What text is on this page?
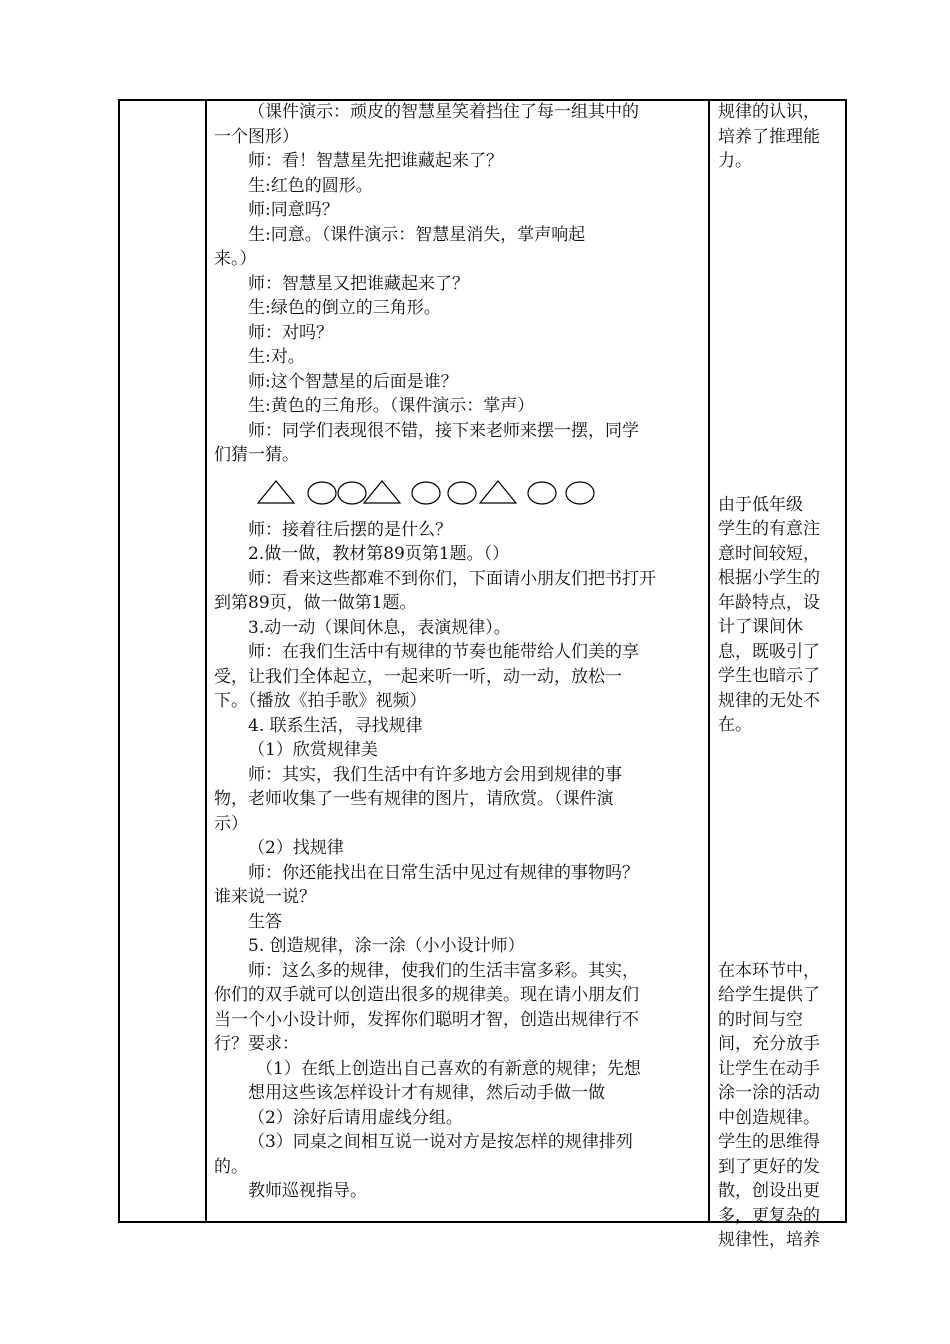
（课件演示：顽皮的智慧星笑着挡住了每一组其中的
一个图形）
师：看！智慧星先把谁藏起来了？
生:红色的圆形。
师:同意吗？
生:同意。（课件演示：智慧星消失，掌声响起
来。）
师：智慧星又把谁藏起来了？
生:绿色的倒立的三角形。
师：对吗？
生:对。
师:这个智慧星的后面是谁？
生:黄色的三角形。（课件演示：掌声）
师：同学们表现很不错，接下来老师来摆一摆，同学
们猜一猜。
师：接着往后摆的是什么？
2.做一做，教材第89页第1题。（）
师：看来这些都难不到你们，下面请小朋友们把书打开
到第89页，做一做第1题。
3.动一动（课间休息，表演规律）。
师：在我们生活中有规律的节奏也能带给人们美的享
受，让我们全体起立，一起来听一听，动一动，放松一
下。（播放《拍手歌》视频）
4. 联系生活，寻找规律
（1）欣赏规律美
师：其实，我们生活中有许多地方会用到规律的事
物，老师收集了一些有规律的图片，请欣赏。（课件演
示）
（2）找规律
师：你还能找出在日常生活中见过有规律的事物吗？
谁来说一说？
生答
5. 创造规律，涂一涂（小小设计师）
师：这么多的规律，使我们的生活丰富多彩。其实，
你们的双手就可以创造出很多的规律美。现在请小朋友们
当一个小小设计师，发挥你们聪明才智，创造出规律行不
行？要求：
（1）在纸上创造出自己喜欢的有新意的规律；先想
想用这些该怎样设计才有规律，然后动手做一做
（2）涂好后请用虚线分组。
（3）同桌之间相互说一说对方是按怎样的规律排列
的。
教师巡视指导。
规律的认识，
培养了推理能
力。
由于低年级
学生的有意注
意时间较短，
根据小学生的
年龄特点，设
计了课间休
息，既吸引了
学生也暗示了
规律的无处不
在。
在本环节中，
给学生提供了
的时间与空
间，充分放手
让学生在动手
涂一涂的活动
中创造规律。
学生的思维得
到了更好的发
散，创设出更
多，更复杂的
规律性，培养
